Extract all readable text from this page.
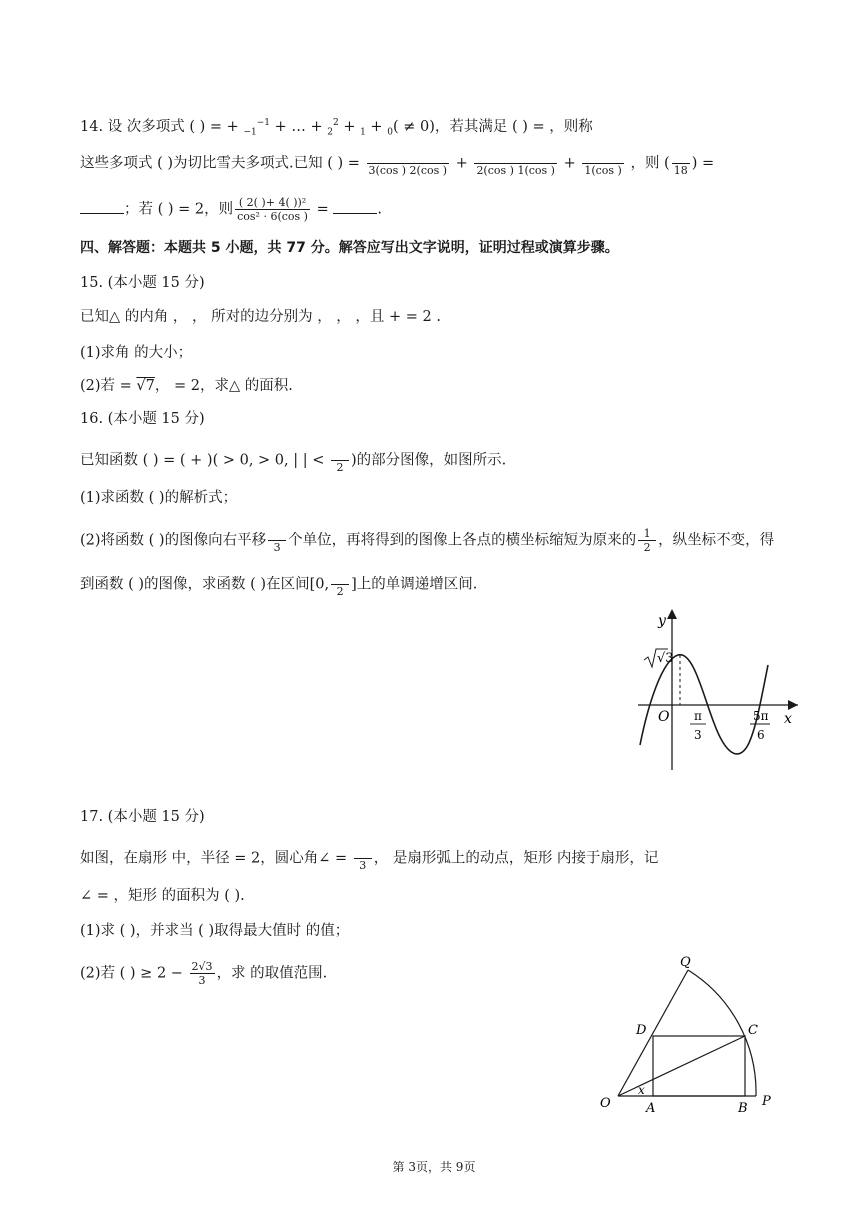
14. 设 次多项式 ( ) = + $_{-1}^{-1}$ + … + $_2^2$ + $_1$ + $_0$( ≠ 0)，若其满足 ( ) = ，则称
这些多项式 ( )为切比雪夫多项式.已知 ( ) =
3(cos ) 2(cos ) +
2(cos ) 1(cos ) +
1(cos ) ，则 (
18 ) =
；若 ( ) = 2，则 $\frac{\text{( 2( )+ 4( ))²}}{\text{cos² · 6(cos )}}$ =	.
四、解答题：本题共 5 小题，共 77 分。解答应写出文字说明，证明过程或演算步骤。
15. (本小题 15 分)
已知△ 的内角 ， ， 所对的边分别为 ， ， ，且 + = 2 .
(1)求角 的大小；
(2)若 = √7， = 2，求△ 的面积.
16. (本小题 15 分)
已知函数 ( ) = ( + )( > 0, > 0, | | <
2 )的部分图像，如图所示.
(1)求函数 ( )的解析式；
(2)将函数 ( )的图像向右平移
3 个单位，再将得到的图像上各点的横坐标缩短为原来的 $\frac{1}{2}$ ，纵坐标不变，得
到函数 ( )的图像，求函数 ( )在区间[0,
2 ]上的单调递增区间.
√3
y
x
O π
3
5π
6
17. (本小题 15 分)
如图，在扇形 中，半径 = 2，圆心角∠ =
3 ， 是扇形弧上的动点，矩形 内接于扇形，记
∠ = ，矩形 的面积为 ( ).
(1)求 ( )，并求当 ( )取得最大值时 的值；
(2)若 ( ) ≥ $2 - \frac{2√3}{3}$ ，求 的取值范围.
Q
D	C
O	A	B P
x
第 3页，共 9页
